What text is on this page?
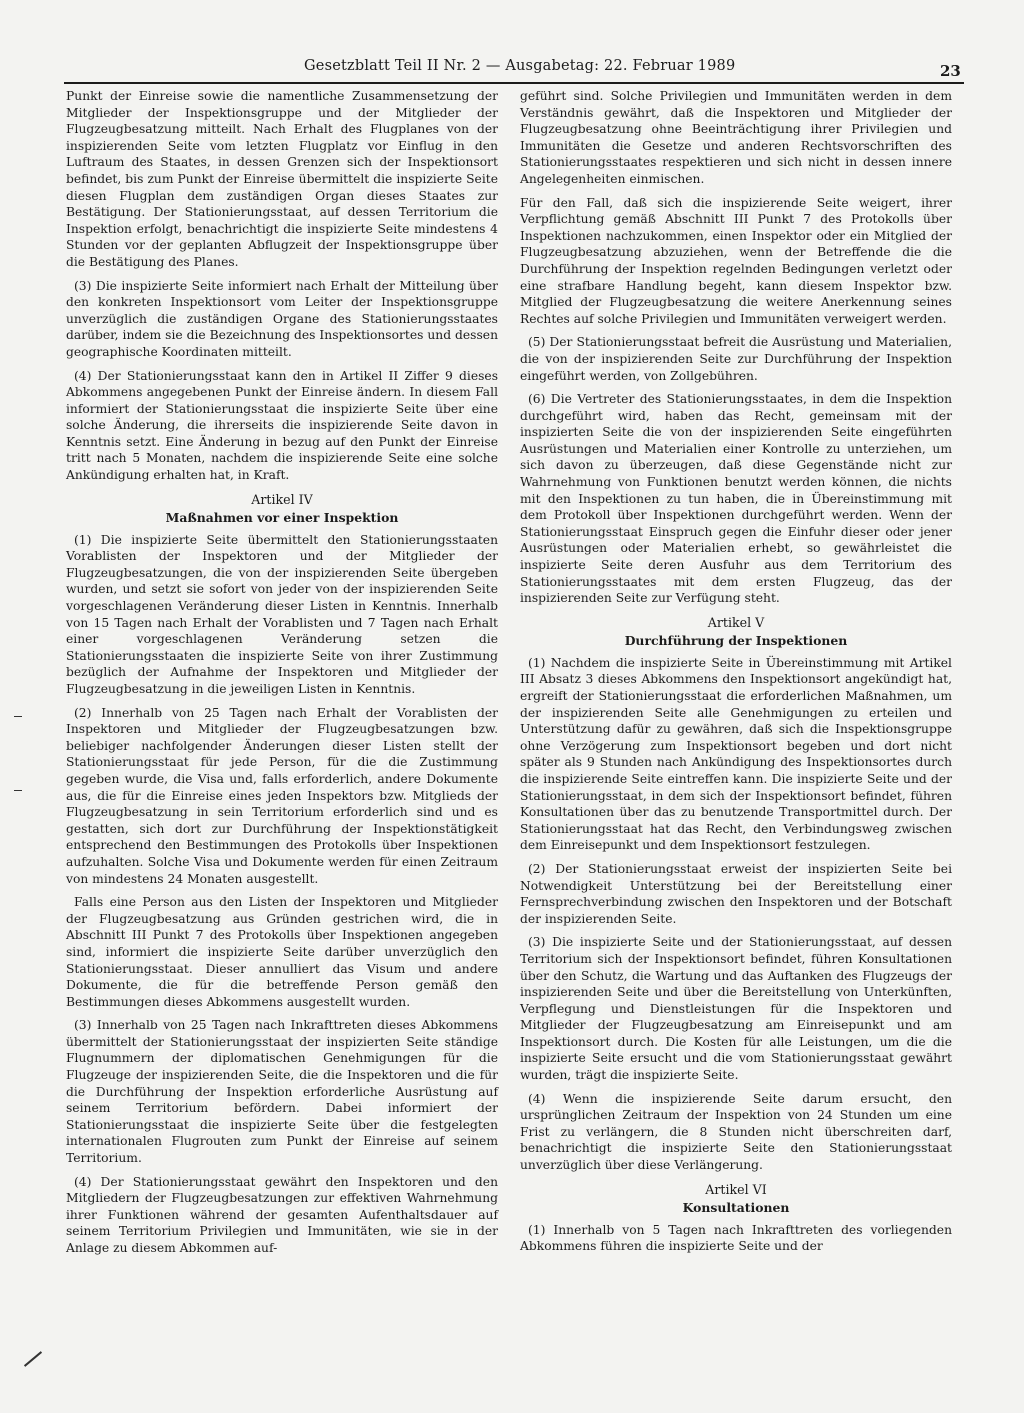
Gesetzblatt Teil II Nr. 2 — Ausgabetag: 22. Februar 1989	23

Punkt der Einreise sowie die namentliche Zusammensetzung der Mitglieder der Inspektionsgruppe und der Mitglieder der Flugzeugbesatzung mitteilt. Nach Erhalt des Flugplanes von der inspizierenden Seite vom letzten Flugplatz vor Einflug in den Luftraum des Staates, in dessen Grenzen sich der Inspektionsort befindet, bis zum Punkt der Einreise übermittelt die inspizierte Seite diesen Flugplan dem zuständigen Organ dieses Staates zur Bestätigung. Der Stationierungsstaat, auf dessen Territorium die Inspektion erfolgt, benachrichtigt die inspizierte Seite mindestens 4 Stunden vor der geplanten Abflugzeit der Inspektionsgruppe über die Bestätigung des Planes.

(3) Die inspizierte Seite informiert nach Erhalt der Mitteilung über den konkreten Inspektionsort vom Leiter der Inspektionsgruppe unverzüglich die zuständigen Organe des Stationierungsstaates darüber, indem sie die Bezeichnung des Inspektionsortes und dessen geographische Koordinaten mitteilt.

(4) Der Stationierungsstaat kann den in Artikel II Ziffer 9 dieses Abkommens angegebenen Punkt der Einreise ändern. In diesem Fall informiert der Stationierungsstaat die inspizierte Seite über eine solche Änderung, die ihrerseits die inspizierende Seite davon in Kenntnis setzt. Eine Änderung in bezug auf den Punkt der Einreise tritt nach 5 Monaten, nachdem die inspizierende Seite eine solche Ankündigung erhalten hat, in Kraft.

Artikel IV
Maßnahmen vor einer Inspektion

(1) Die inspizierte Seite übermittelt den Stationierungsstaaten Vorablisten der Inspektoren und der Mitglieder der Flugzeugbesatzungen, die von der inspizierenden Seite übergeben wurden, und setzt sie sofort von jeder von der inspizierenden Seite vorgeschlagenen Veränderung dieser Listen in Kenntnis. Innerhalb von 15 Tagen nach Erhalt der Vorablisten und 7 Tagen nach Erhalt einer vorgeschlagenen Veränderung setzen die Stationierungsstaaten die inspizierte Seite von ihrer Zustimmung bezüglich der Aufnahme der Inspektoren und Mitglieder der Flugzeugbesatzung in die jeweiligen Listen in Kenntnis.

(2) Innerhalb von 25 Tagen nach Erhalt der Vorablisten der Inspektoren und Mitglieder der Flugzeugbesatzungen bzw. beliebiger nachfolgender Änderungen dieser Listen stellt der Stationierungsstaat für jede Person, für die die Zustimmung gegeben wurde, die Visa und, falls erforderlich, andere Dokumente aus, die für die Einreise eines jeden Inspektors bzw. Mitglieds der Flugzeugbesatzung in sein Territorium erforderlich sind und es gestatten, sich dort zur Durchführung der Inspektionstätigkeit entsprechend den Bestimmungen des Protokolls über Inspektionen aufzuhalten. Solche Visa und Dokumente werden für einen Zeitraum von mindestens 24 Monaten ausgestellt.

Falls eine Person aus den Listen der Inspektoren und Mitglieder der Flugzeugbesatzung aus Gründen gestrichen wird, die in Abschnitt III Punkt 7 des Protokolls über Inspektionen angegeben sind, informiert die inspizierte Seite darüber unverzüglich den Stationierungsstaat. Dieser annulliert das Visum und andere Dokumente, die für die betreffende Person gemäß den Bestimmungen dieses Abkommens ausgestellt wurden.

(3) Innerhalb von 25 Tagen nach Inkrafttreten dieses Abkommens übermittelt der Stationierungsstaat der inspizierten Seite ständige Flugnummern der diplomatischen Genehmigungen für die Flugzeuge der inspizierenden Seite, die die Inspektoren und die für die Durchführung der Inspektion erforderliche Ausrüstung auf seinem Territorium befördern. Dabei informiert der Stationierungsstaat die inspizierte Seite über die festgelegten internationalen Flugrouten zum Punkt der Einreise auf seinem Territorium.

(4) Der Stationierungsstaat gewährt den Inspektoren und den Mitgliedern der Flugzeugbesatzungen zur effektiven Wahrnehmung ihrer Funktionen während der gesamten Aufenthaltsdauer auf seinem Territorium Privilegien und Immunitäten, wie sie in der Anlage zu diesem Abkommen auf-

geführt sind. Solche Privilegien und Immunitäten werden in dem Verständnis gewährt, daß die Inspektoren und Mitglieder der Flugzeugbesatzung ohne Beeinträchtigung ihrer Privilegien und Immunitäten die Gesetze und anderen Rechtsvorschriften des Stationierungsstaates respektieren und sich nicht in dessen innere Angelegenheiten einmischen.

Für den Fall, daß sich die inspizierende Seite weigert, ihrer Verpflichtung gemäß Abschnitt III Punkt 7 des Protokolls über Inspektionen nachzukommen, einen Inspektor oder ein Mitglied der Flugzeugbesatzung abzuziehen, wenn der Betreffende die die Durchführung der Inspektion regelnden Bedingungen verletzt oder eine strafbare Handlung begeht, kann diesem Inspektor bzw. Mitglied der Flugzeugbesatzung die weitere Anerkennung seines Rechtes auf solche Privilegien und Immunitäten verweigert werden.

(5) Der Stationierungsstaat befreit die Ausrüstung und Materialien, die von der inspizierenden Seite zur Durchführung der Inspektion eingeführt werden, von Zollgebühren.

(6) Die Vertreter des Stationierungsstaates, in dem die Inspektion durchgeführt wird, haben das Recht, gemeinsam mit der inspizierten Seite die von der inspizierenden Seite eingeführten Ausrüstungen und Materialien einer Kontrolle zu unterziehen, um sich davon zu überzeugen, daß diese Gegenstände nicht zur Wahrnehmung von Funktionen benutzt werden können, die nichts mit den Inspektionen zu tun haben, die in Übereinstimmung mit dem Protokoll über Inspektionen durchgeführt werden. Wenn der Stationierungsstaat Einspruch gegen die Einfuhr dieser oder jener Ausrüstungen oder Materialien erhebt, so gewährleistet die inspizierte Seite deren Ausfuhr aus dem Territorium des Stationierungsstaates mit dem ersten Flugzeug, das der inspizierenden Seite zur Verfügung steht.

Artikel V
Durchführung der Inspektionen

(1) Nachdem die inspizierte Seite in Übereinstimmung mit Artikel III Absatz 3 dieses Abkommens den Inspektionsort angekündigt hat, ergreift der Stationierungsstaat die erforderlichen Maßnahmen, um der inspizierenden Seite alle Genehmigungen zu erteilen und Unterstützung dafür zu gewähren, daß sich die Inspektionsgruppe ohne Verzögerung zum Inspektionsort begeben und dort nicht später als 9 Stunden nach Ankündigung des Inspektionsortes durch die inspizierende Seite eintreffen kann. Die inspizierte Seite und der Stationierungsstaat, in dem sich der Inspektionsort befindet, führen Konsultationen über das zu benutzende Transportmittel durch. Der Stationierungsstaat hat das Recht, den Verbindungsweg zwischen dem Einreisepunkt und dem Inspektionsort festzulegen.

(2) Der Stationierungsstaat erweist der inspizierten Seite bei Notwendigkeit Unterstützung bei der Bereitstellung einer Fernsprechverbindung zwischen den Inspektoren und der Botschaft der inspizierenden Seite.

(3) Die inspizierte Seite und der Stationierungsstaat, auf dessen Territorium sich der Inspektionsort befindet, führen Konsultationen über den Schutz, die Wartung und das Auftanken des Flugzeugs der inspizierenden Seite und über die Bereitstellung von Unterkünften, Verpflegung und Dienstleistungen für die Inspektoren und Mitglieder der Flugzeugbesatzung am Einreisepunkt und am Inspektionsort durch. Die Kosten für alle Leistungen, um die die inspizierte Seite ersucht und die vom Stationierungsstaat gewährt wurden, trägt die inspizierte Seite.

(4) Wenn die inspizierende Seite darum ersucht, den ursprünglichen Zeitraum der Inspektion von 24 Stunden um eine Frist zu verlängern, die 8 Stunden nicht überschreiten darf, benachrichtigt die inspizierte Seite den Stationierungsstaat unverzüglich über diese Verlängerung.

Artikel VI
Konsultationen

(1) Innerhalb von 5 Tagen nach Inkrafttreten des vorliegenden Abkommens führen die inspizierte Seite und der
